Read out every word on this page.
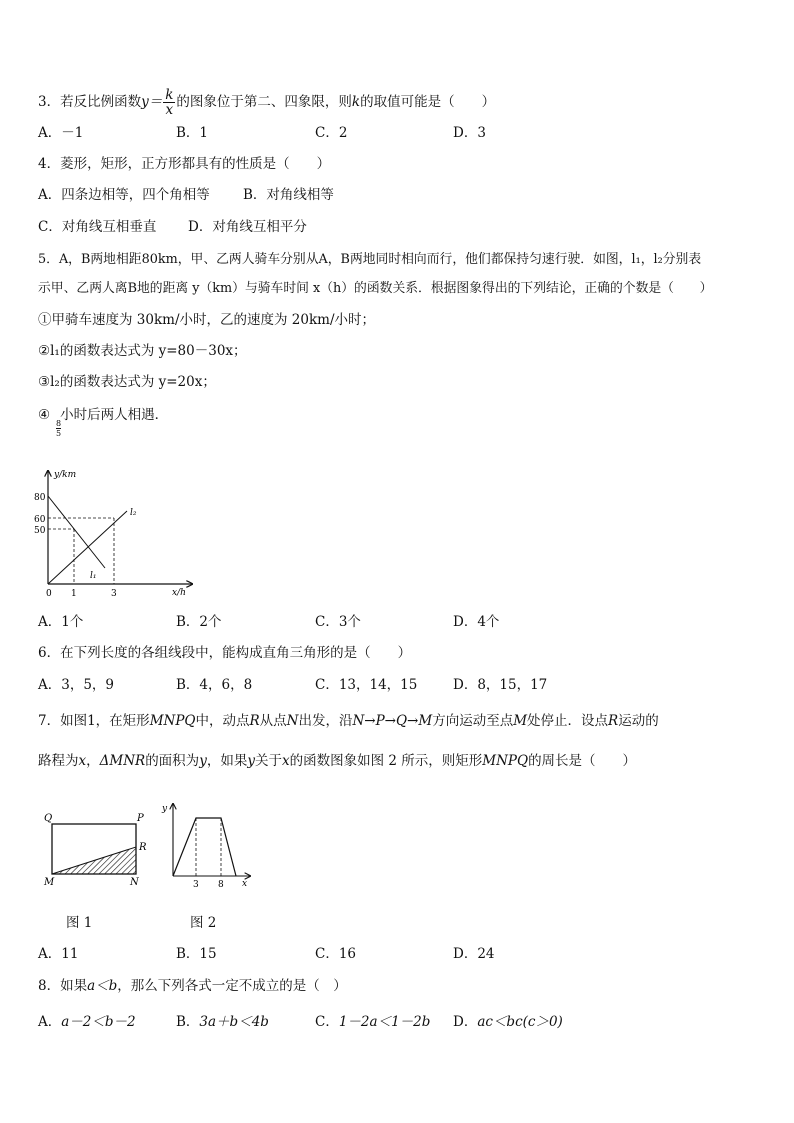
3．若反比例函数$y= \frac{k}{x}$ 的图象位于第二、四象限，则k的取值可能是（　　）
A．－1	B．1	C．2	D．3
4．菱形，矩形，正方形都具有的性质是（　　）
A．四条边相等，四个角相等 B．对角线相等
C．对角线互相垂直 D．对角线互相平分
5．A，B两地相距80km，甲、乙两人骑车分别从A，B两地同时相向而行，他们都保持匀速行驶．如图，l₁，l₂分别表
示甲、乙两人离B地的距离 y（km）与骑车时间 x（h）的函数关系．根据图象得出的下列结论，正确的个数是（　　）
①甲骑车速度为 30km/小时，乙的速度为 20km/小时；
②l₁的函数表达式为 y=80－30x；
③l₂的函数表达式为 y=20x；
④ 小时后两人相遇．
$\frac{8}{5}$
y/km
x/h
80
60
50
0 1	3
l₁
l₂
A．1个	B．2个	C．3个	D．4个
6．在下列长度的各组线段中，能构成直角三角形的是（　　）
A．3，5，9	B．4，6，8	C．13，14，15	D．8，15，17
7．如图1，在矩形MNPQ中，动点R从点N出发，沿N→P→Q→M方向运动至点M处停止．设点R运动的
路程为x，ΔMNR的面积为y，如果y关于x的函数图象如图 2 所示，则矩形MNPQ的周长是（　　）
Q	P
R
M	N
图 1
y
x
3 8
图 2
A．11	B．15	C．16	D．24
8．如果a＜b，那么下列各式一定不成立的是（　）
A．a－2＜b－2	B．3a＋b＜4b	C．1－2a＜1－2b D．ac＜bc(c＞0)
